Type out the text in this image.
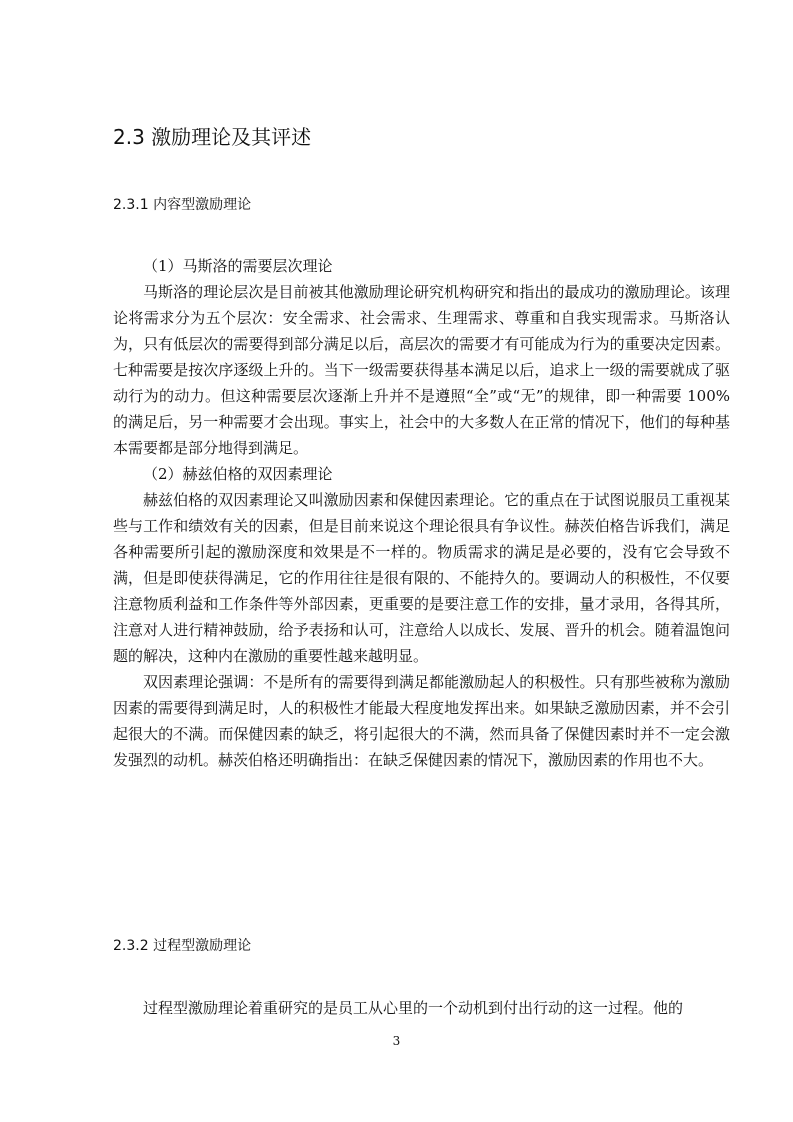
2.3 激励理论及其评述
2.3.1 内容型激励理论

（1）马斯洛的需要层次理论

马斯洛的理论层次是目前被其他激励理论研究机构研究和指出的最成功的激励理论。该理论将需求分为五个层次：安全需求、社会需求、生理需求、尊重和自我实现需求。马斯洛认为，只有低层次的需要得到部分满足以后，高层次的需要才有可能成为行为的重要决定因素。七种需要是按次序逐级上升的。当下一级需要获得基本满足以后，追求上一级的需要就成了驱动行为的动力。但这种需要层次逐渐上升并不是遵照“全”或“无”的规律，即一种需要 100%的满足后，另一种需要才会出现。事实上，社会中的大多数人在正常的情况下，他们的每种基本需要都是部分地得到满足。

（2）赫兹伯格的双因素理论

赫兹伯格的双因素理论又叫激励因素和保健因素理论。它的重点在于试图说服员工重视某些与工作和绩效有关的因素，但是目前来说这个理论很具有争议性。赫茨伯格告诉我们，满足各种需要所引起的激励深度和效果是不一样的。物质需求的满足是必要的，没有它会导致不满，但是即使获得满足，它的作用往往是很有限的、不能持久的。要调动人的积极性，不仅要注意物质利益和工作条件等外部因素，更重要的是要注意工作的安排，量才录用，各得其所，注意对人进行精神鼓励，给予表扬和认可，注意给人以成长、发展、晋升的机会。随着温饱问题的解决，这种内在激励的重要性越来越明显。

双因素理论强调：不是所有的需要得到满足都能激励起人的积极性。只有那些被称为激励因素的需要得到满足时，人的积极性才能最大程度地发挥出来。如果缺乏激励因素，并不会引起很大的不满。而保健因素的缺乏，将引起很大的不满，然而具备了保健因素时并不一定会激发强烈的动机。赫茨伯格还明确指出：在缺乏保健因素的情况下，激励因素的作用也不大。

2.3.2 过程型激励理论

过程型激励理论着重研究的是员工从心里的一个动机到付出行动的这一过程。他的

3
